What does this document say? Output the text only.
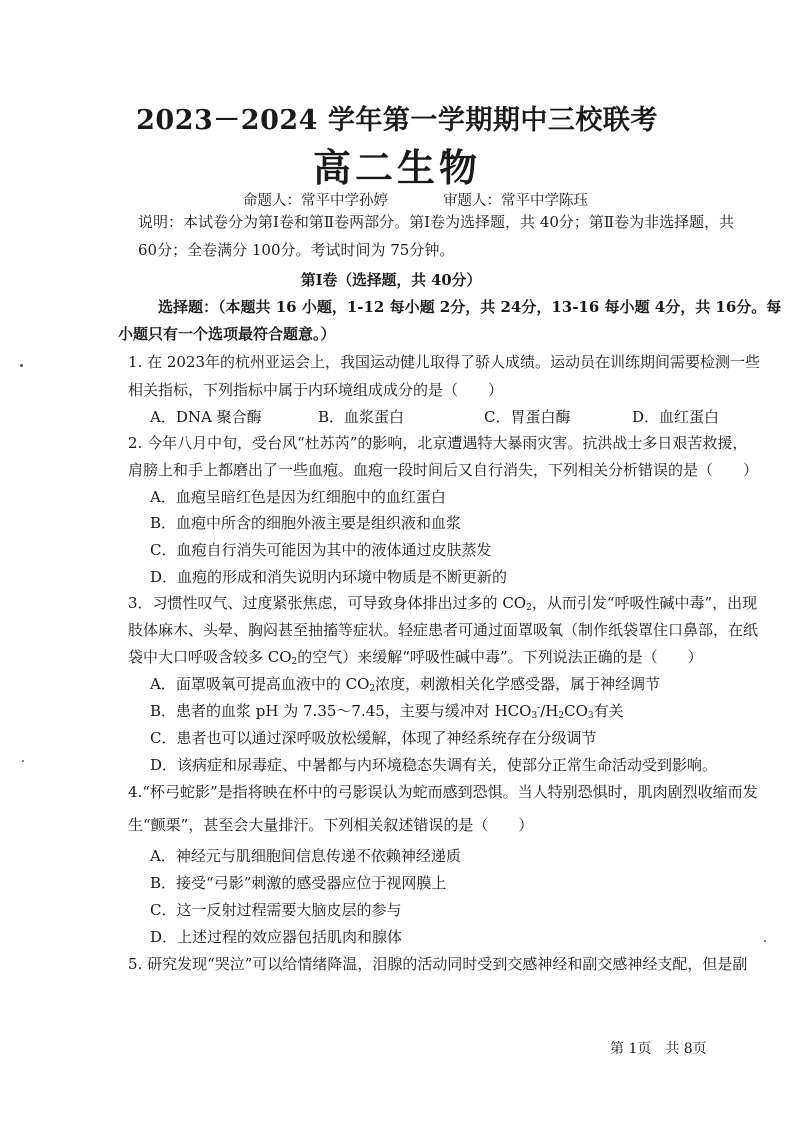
2023－2024 学年第一学期期中三校联考
高二生物
命题人：常平中学孙婷	审题人：常平中学陈珏
说明：本试卷分为第Ⅰ卷和第Ⅱ卷两部分。第Ⅰ卷为选择题，共 40分；第Ⅱ卷为非选择题，共
60分；全卷满分 100分。考试时间为 75分钟。
第Ⅰ卷（选择题，共 40分）
选择题：（本题共 16 小题，1-12 每小题 2分，共 24分，13-16 每小题 4分，共 16分。每
小题只有一个选项最符合题意。）
1. 在 2023年的杭州亚运会上，我国运动健儿取得了骄人成绩。运动员在训练期间需要检测一些
相关指标，下列指标中属于内环境组成成分的是（　　）
A．DNA 聚合酶	B．血浆蛋白	C．胃蛋白酶	D．血红蛋白
2. 今年八月中旬，受台风“杜苏芮”的影响，北京遭遇特大暴雨灾害。抗洪战士多日艰苦救援，
肩膀上和手上都磨出了一些血疱。血疱一段时间后又自行消失，下列相关分析错误的是（　　）
A．血疱呈暗红色是因为红细胞中的血红蛋白
B．血疱中所含的细胞外液主要是组织液和血浆
C．血疱自行消失可能因为其中的液体通过皮肤蒸发
D．血疱的形成和消失说明内环境中物质是不断更新的
3．习惯性叹气、过度紧张焦虑，可导致身体排出过多的 $CO_2$，从而引发“呼吸性碱中毒”，出现
肢体麻木、头晕、胸闷甚至抽搐等症状。轻症患者可通过面罩吸氧（制作纸袋罩住口鼻部，在纸
袋中大口呼吸含较多 $CO_2$的空气）来缓解“呼吸性碱中毒”。下列说法正确的是（　　）
A．面罩吸氧可提高血液中的 $CO_2$浓度，刺激相关化学感受器，属于神经调节
B．患者的血浆 pH 为 7.35～7.45，主要与缓冲对 $HCO_3^-/H_2CO_3$有关
C．患者也可以通过深呼吸放松缓解，体现了神经系统存在分级调节
D．该病症和尿毒症、中暑都与内环境稳态失调有关，使部分正常生命活动受到影响。
4.“杯弓蛇影”是指将映在杯中的弓影误认为蛇而感到恐惧。当人特别恐惧时，肌肉剧烈收缩而发
生“颤栗”，甚至会大量排汗。下列相关叙述错误的是（　　）
A．神经元与肌细胞间信息传递不依赖神经递质
B．接受“弓影”刺激的感受器应位于视网膜上
C．这一反射过程需要大脑皮层的参与
D．上述过程的效应器包括肌肉和腺体
5. 研究发现“哭泣”可以给情绪降温，泪腺的活动同时受到交感神经和副交感神经支配，但是副
第 1页　共 8页
